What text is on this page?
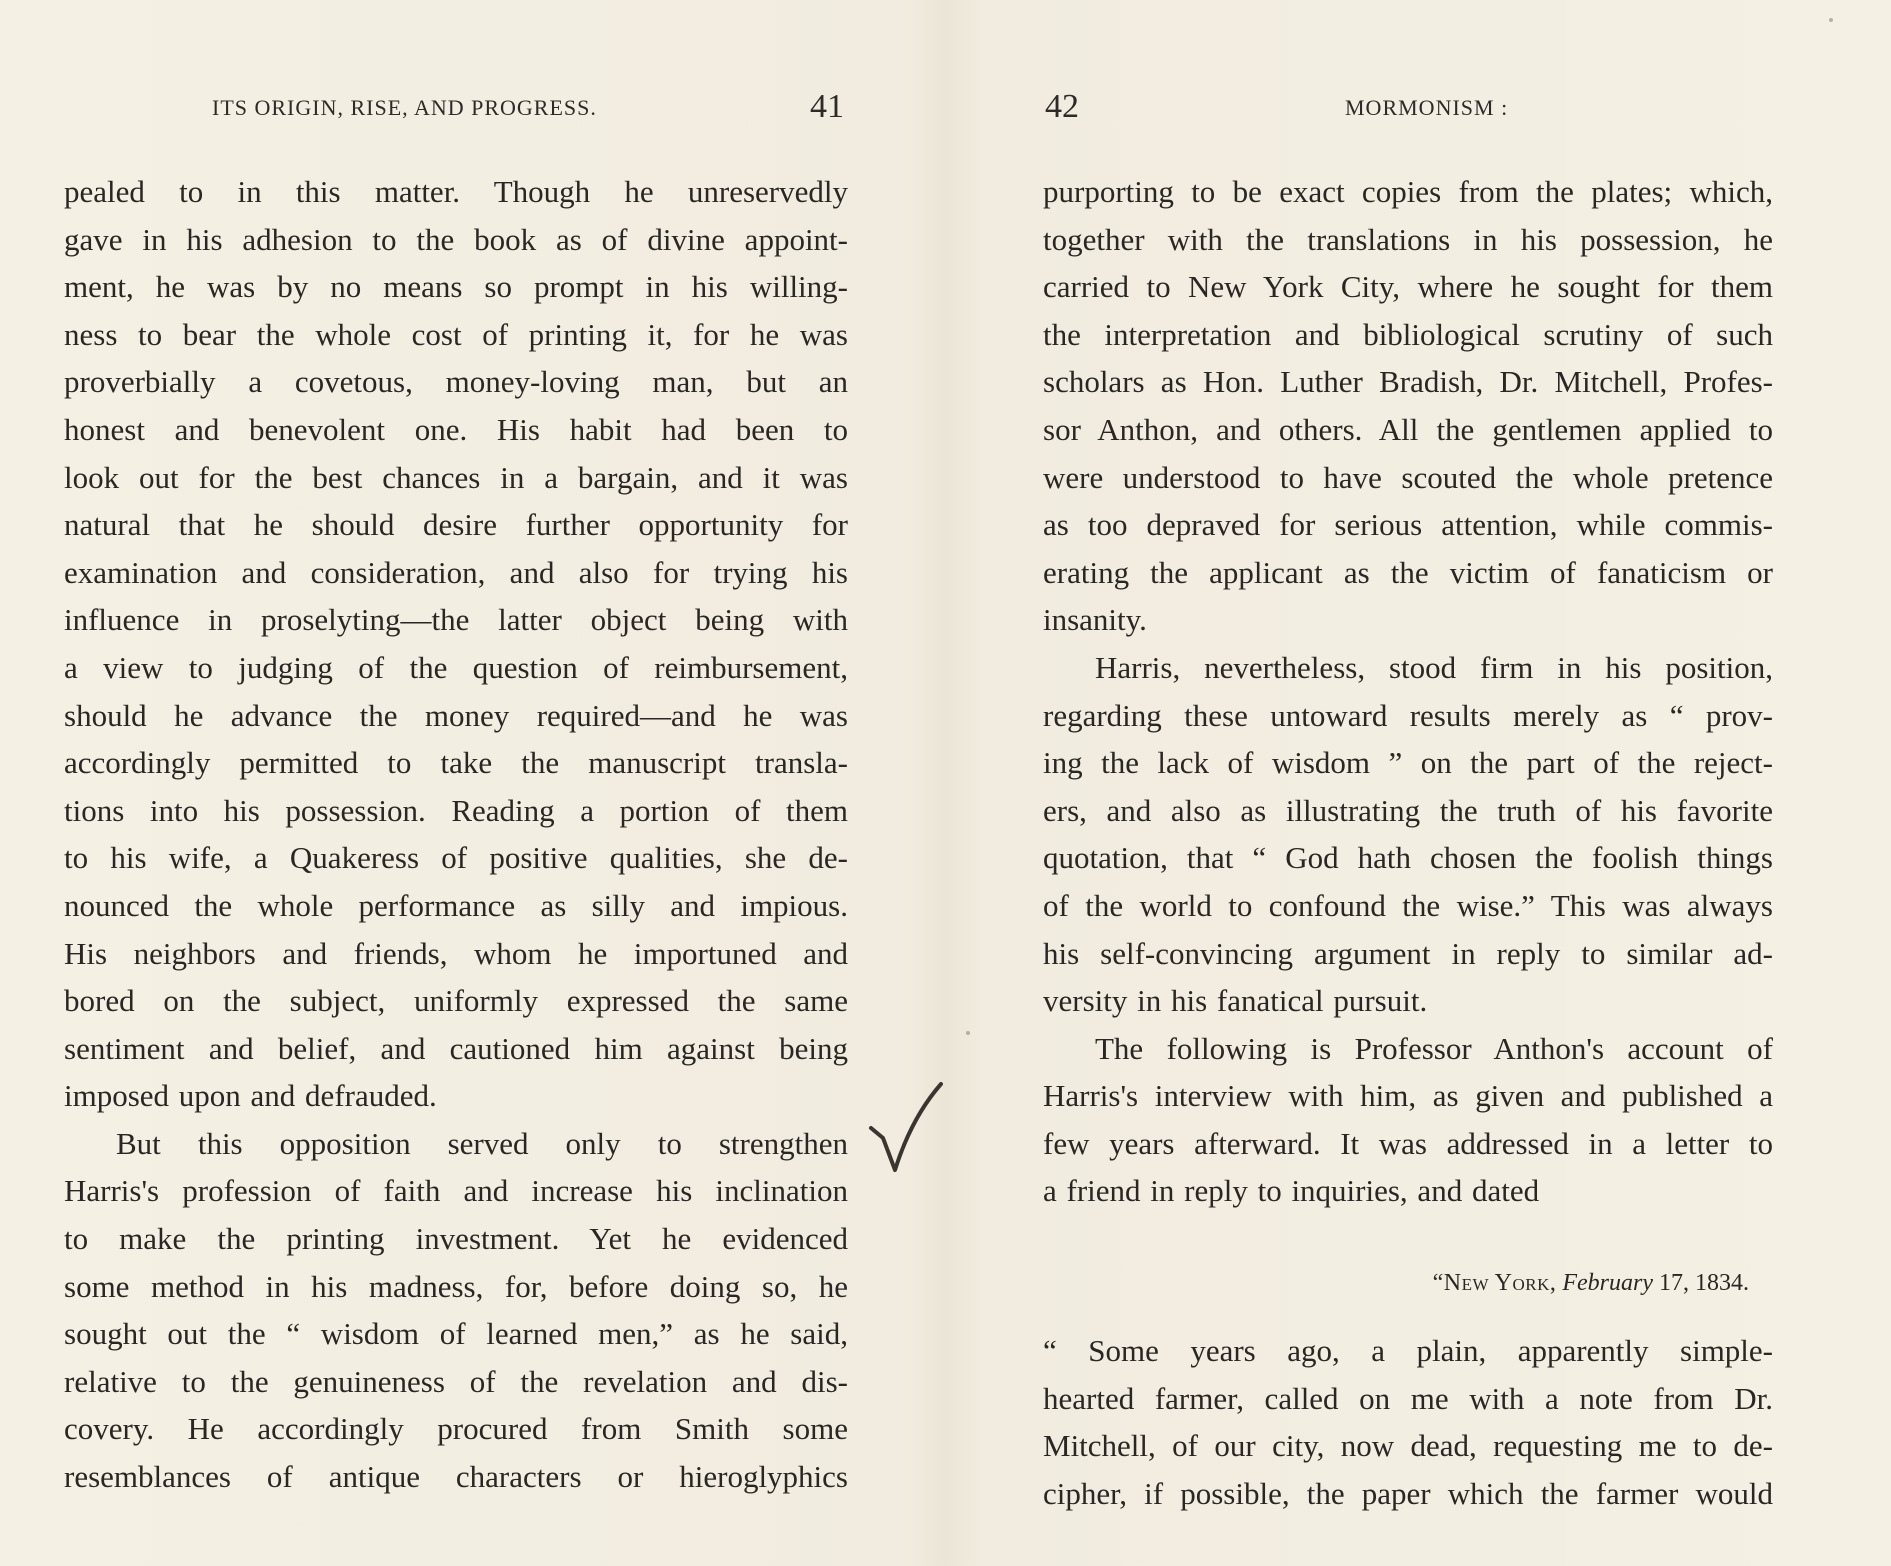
ITS ORIGIN, RISE, AND PROGRESS.	41
pealed to in this matter. Though he unreservedly
gave in his adhesion to the book as of divine appoint-
ment, he was by no means so prompt in his willing-
ness to bear the whole cost of printing it, for he was
proverbially a covetous, money-loving man, but an
honest and benevolent one. His habit had been to
look out for the best chances in a bargain, and it was
natural that he should desire further opportunity for
examination and consideration, and also for trying his
influence in proselyting—the latter object being with
a view to judging of the question of reimbursement,
should he advance the money required—and he was
accordingly permitted to take the manuscript transla-
tions into his possession. Reading a portion of them
to his wife, a Quakeress of positive qualities, she de-
nounced the whole performance as silly and impious.
His neighbors and friends, whom he importuned and
bored on the subject, uniformly expressed the same
sentiment and belief, and cautioned him against being
imposed upon and defrauded.
But this opposition served only to strengthen
Harris's profession of faith and increase his inclination
to make the printing investment. Yet he evidenced
some method in his madness, for, before doing so, he
sought out the “ wisdom of learned men,” as he said,
relative to the genuineness of the revelation and dis-
covery. He accordingly procured from Smith some
resemblances of antique characters or hieroglyphics
42	MORMONISM :
purporting to be exact copies from the plates; which,
together with the translations in his possession, he
carried to New York City, where he sought for them
the interpretation and bibliological scrutiny of such
scholars as Hon. Luther Bradish, Dr. Mitchell, Profes-
sor Anthon, and others. All the gentlemen applied to
were understood to have scouted the whole pretence
as too depraved for serious attention, while commis-
erating the applicant as the victim of fanaticism or
insanity.
Harris, nevertheless, stood firm in his position,
regarding these untoward results merely as “ prov-
ing the lack of wisdom ” on the part of the reject-
ers, and also as illustrating the truth of his favorite
quotation, that “ God hath chosen the foolish things
of the world to confound the wise.” This was always
his self-convincing argument in reply to similar ad-
versity in his fanatical pursuit.
The following is Professor Anthon's account of
Harris's interview with him, as given and published a
few years afterward. It was addressed in a letter to
a friend in reply to inquiries, and dated
“New York, February 17, 1834.
“ Some years ago, a plain, apparently simple-
hearted farmer, called on me with a note from Dr.
Mitchell, of our city, now dead, requesting me to de-
cipher, if possible, the paper which the farmer would
